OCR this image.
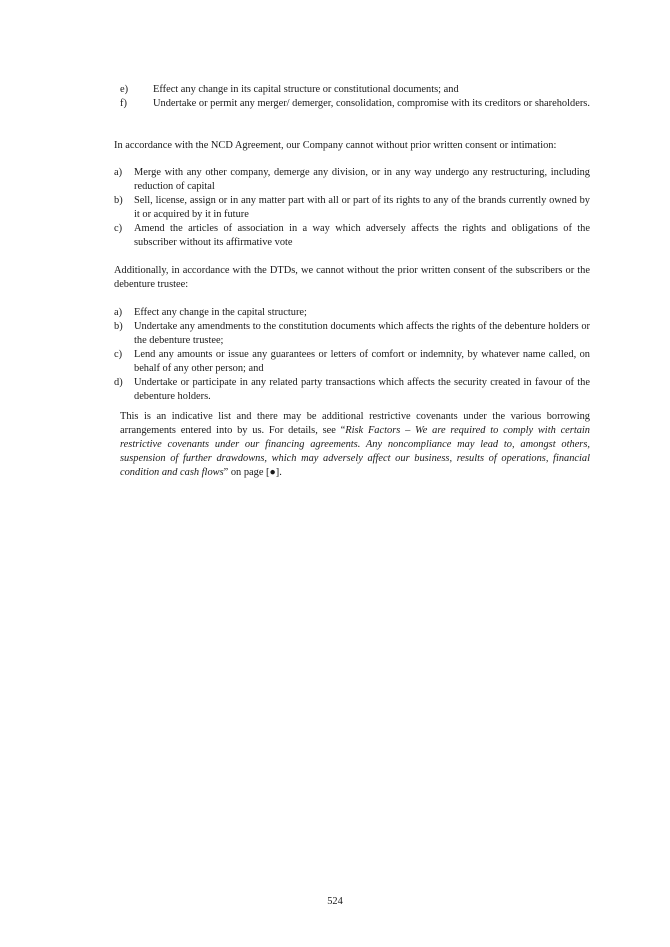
e)	Effect any change in its capital structure or constitutional documents; and
f)	Undertake or permit any merger/ demerger, consolidation, compromise with its creditors or shareholders.
In accordance with the NCD Agreement, our Company cannot without prior written consent or intimation:
a)	Merge with any other company, demerge any division, or in any way undergo any restructuring, including reduction of capital
b)	Sell, license, assign or in any matter part with all or part of its rights to any of the brands currently owned by it or acquired by it in future
c)	Amend the articles of association in a way which adversely affects the rights and obligations of the subscriber without its affirmative vote
Additionally, in accordance with the DTDs, we cannot without the prior written consent of the subscribers or the debenture trustee:
a)	Effect any change in the capital structure;
b)	Undertake any amendments to the constitution documents which affects the rights of the debenture holders or the debenture trustee;
c)	Lend any amounts or issue any guarantees or letters of comfort or indemnity, by whatever name called, on behalf of any other person; and
d)	Undertake or participate in any related party transactions which affects the security created in favour of the debenture holders.
This is an indicative list and there may be additional restrictive covenants under the various borrowing arrangements entered into by us. For details, see “Risk Factors – We are required to comply with certain restrictive covenants under our financing agreements. Any noncompliance may lead to, amongst others, suspension of further drawdowns, which may adversely affect our business, results of operations, financial condition and cash flows” on page [●].
524
